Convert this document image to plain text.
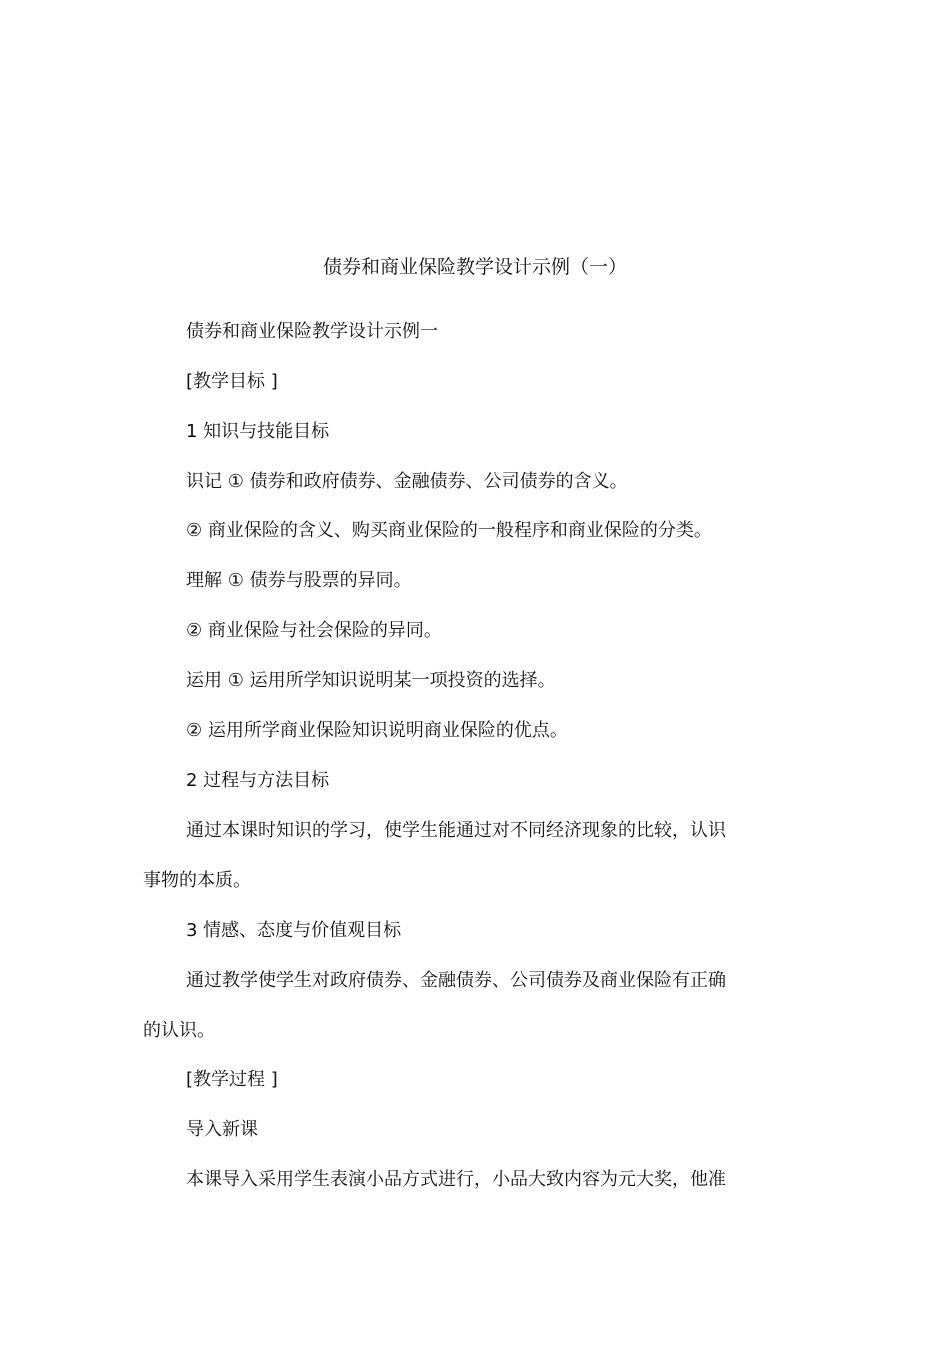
债券和商业保险教学设计示例（一）
债券和商业保险教学设计示例一
[教学目标 ]
1 知识与技能目标
识记 ① 债券和政府债券、金融债券、公司债券的含义。
② 商业保险的含义、购买商业保险的一般程序和商业保险的分类。
理解 ① 债券与股票的异同。
② 商业保险与社会保险的异同。
运用 ① 运用所学知识说明某一项投资的选择。
② 运用所学商业保险知识说明商业保险的优点。
2 过程与方法目标
通过本课时知识的学习，使学生能通过对不同经济现象的比较，认识
事物的本质。
3 情感、态度与价值观目标
通过教学使学生对政府债券、金融债券、公司债券及商业保险有正确
的认识。
[教学过程 ]
导入新课
本课导入采用学生表演小品方式进行，小品大致内容为元大奖，他准
